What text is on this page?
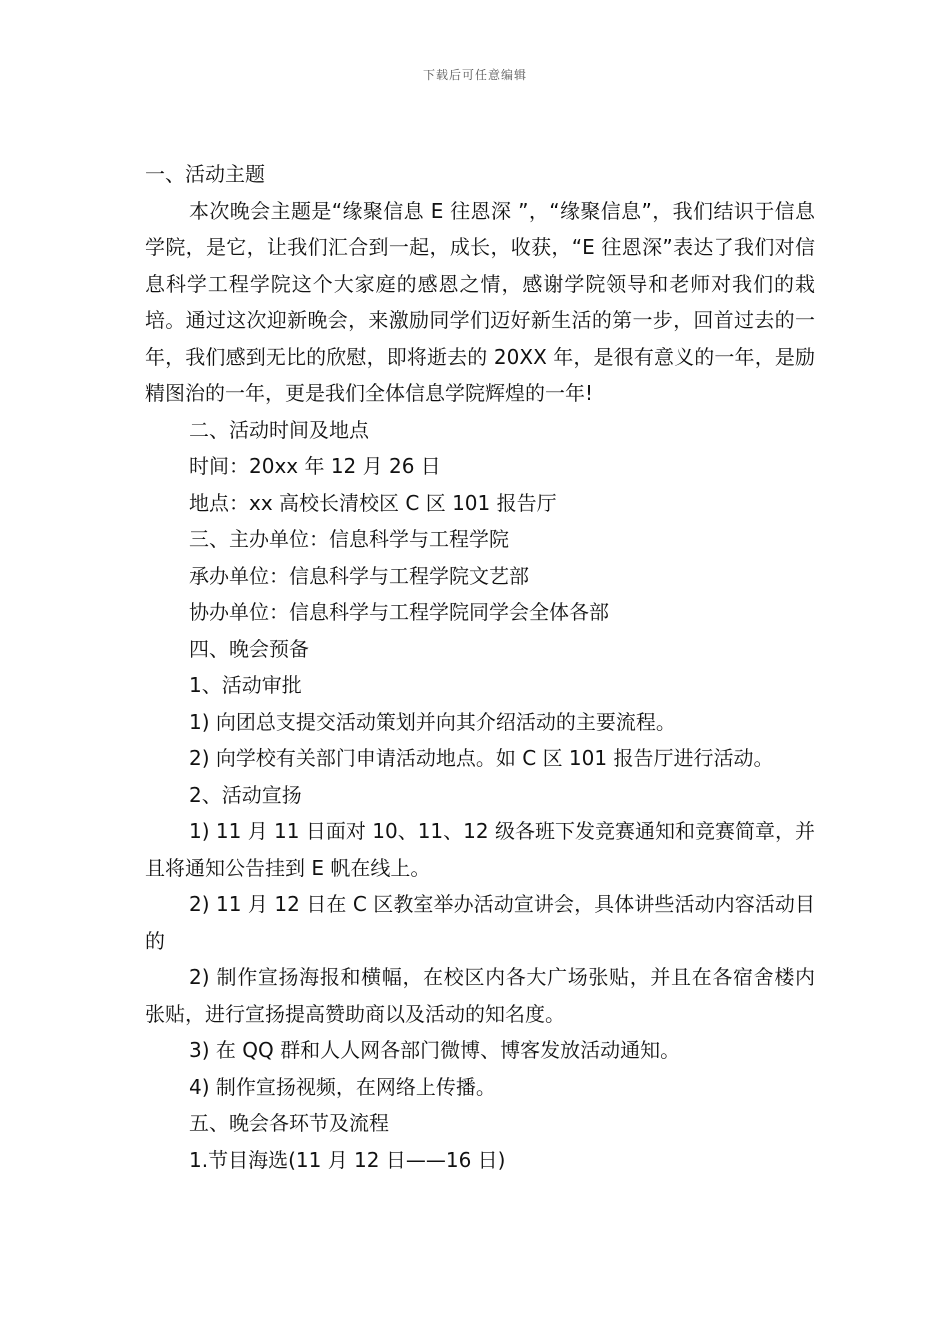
下载后可任意编辑

一、活动主题

本次晚会主题是“缘聚信息 E 往恩深 ”，“缘聚信息”，我们结识于信息学院，是它，让我们汇合到一起，成长，收获，“E 往恩深”表达了我们对信息科学工程学院这个大家庭的感恩之情，感谢学院领导和老师对我们的栽培。通过这次迎新晚会，来激励同学们迈好新生活的第一步，回首过去的一年，我们感到无比的欣慰，即将逝去的 20XX 年，是很有意义的一年，是励精图治的一年，更是我们全体信息学院辉煌的一年!

二、活动时间及地点

时间：20xx 年 12 月 26 日

地点：xx 高校长清校区 C 区 101 报告厅

三、主办单位：信息科学与工程学院

承办单位：信息科学与工程学院文艺部

协办单位：信息科学与工程学院同学会全体各部

四、晚会预备

1、活动审批

1) 向团总支提交活动策划并向其介绍活动的主要流程。

2) 向学校有关部门申请活动地点。如 C 区 101 报告厅进行活动。

2、活动宣扬

1) 11 月 11 日面对 10、11、12 级各班下发竞赛通知和竞赛简章，并且将通知公告挂到 E 帆在线上。

2) 11 月 12 日在 C 区教室举办活动宣讲会，具体讲些活动内容活动目的

2) 制作宣扬海报和横幅，在校区内各大广场张贴，并且在各宿舍楼内张贴，进行宣扬提高赞助商以及活动的知名度。

3) 在 QQ 群和人人网各部门微博、博客发放活动通知。

4) 制作宣扬视频，在网络上传播。

五、晚会各环节及流程

1.节目海选(11 月 12 日——16 日)
